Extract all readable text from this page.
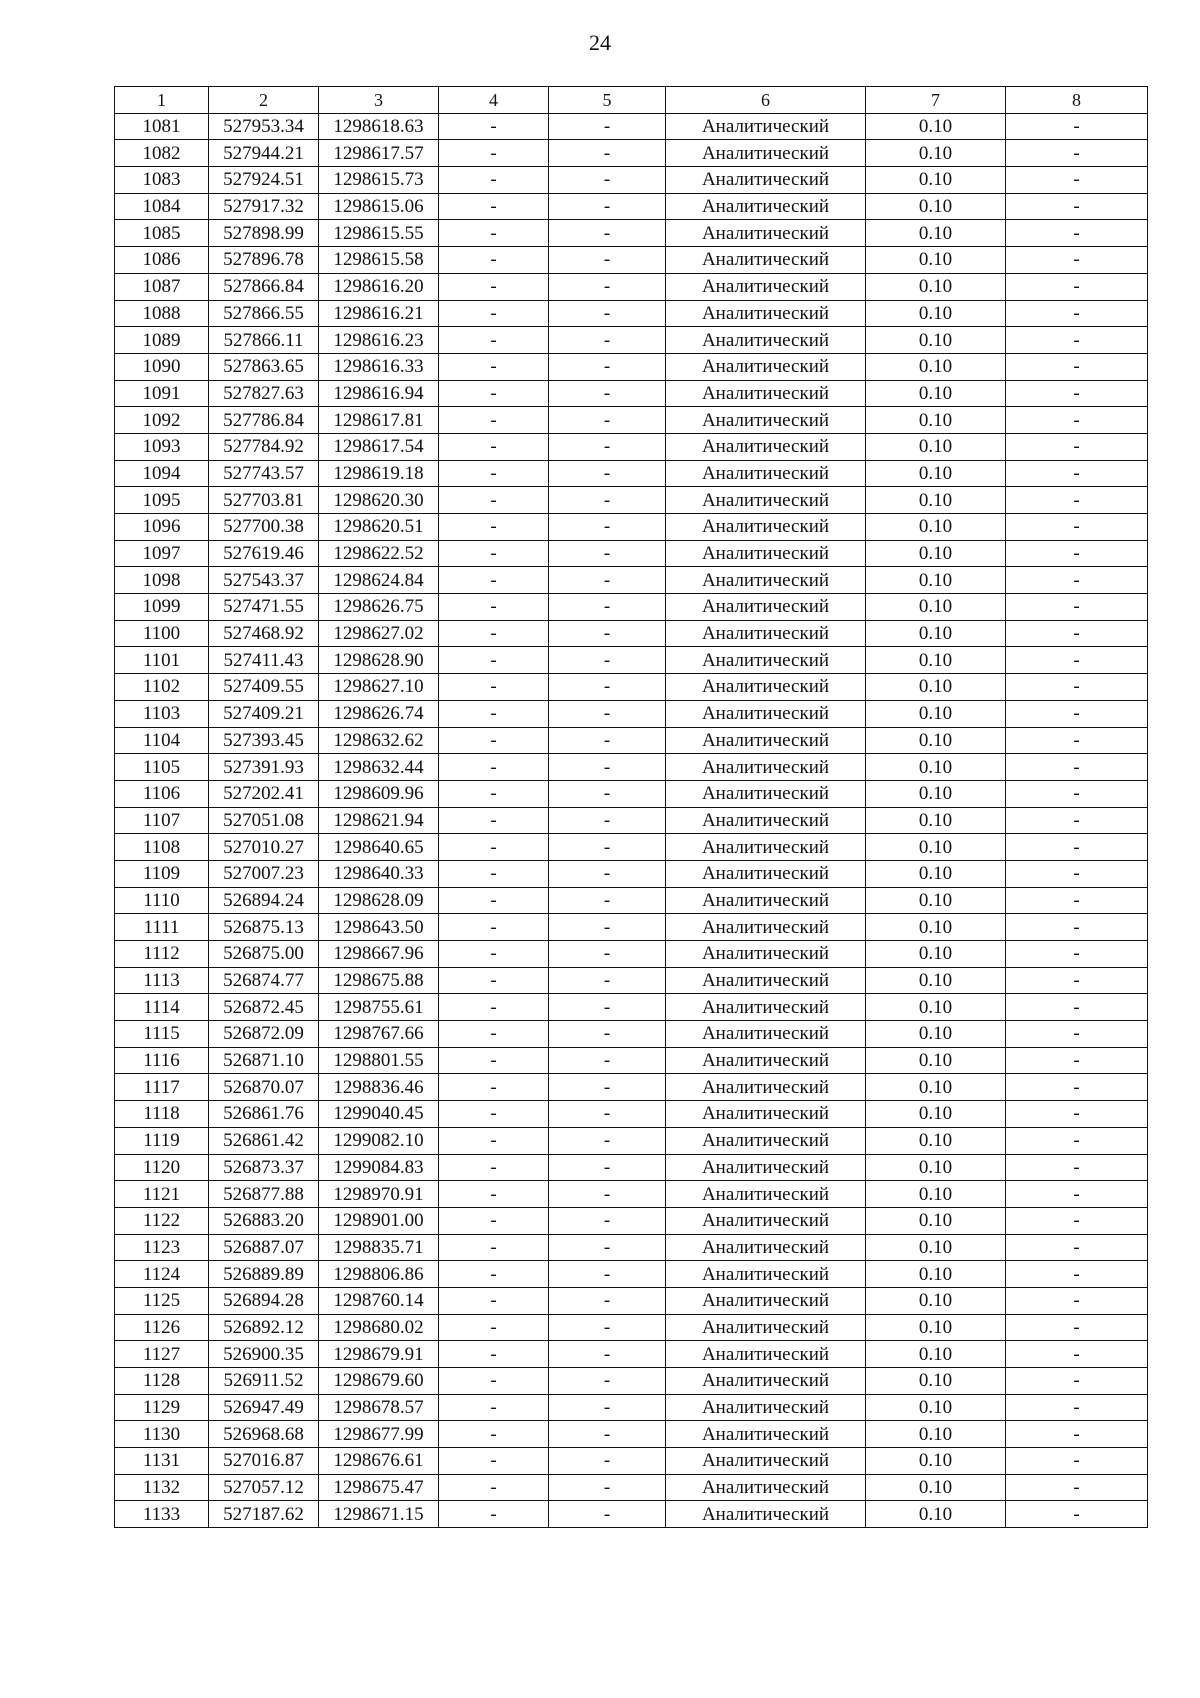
24
1	2	3	4	5	6	7	8
1081	527953.34	1298618.63	-	-	Аналитический	0.10	-
1082	527944.21	1298617.57	-	-	Аналитический	0.10	-
1083	527924.51	1298615.73	-	-	Аналитический	0.10	-
1084	527917.32	1298615.06	-	-	Аналитический	0.10	-
1085	527898.99	1298615.55	-	-	Аналитический	0.10	-
1086	527896.78	1298615.58	-	-	Аналитический	0.10	-
1087	527866.84	1298616.20	-	-	Аналитический	0.10	-
1088	527866.55	1298616.21	-	-	Аналитический	0.10	-
1089	527866.11	1298616.23	-	-	Аналитический	0.10	-
1090	527863.65	1298616.33	-	-	Аналитический	0.10	-
1091	527827.63	1298616.94	-	-	Аналитический	0.10	-
1092	527786.84	1298617.81	-	-	Аналитический	0.10	-
1093	527784.92	1298617.54	-	-	Аналитический	0.10	-
1094	527743.57	1298619.18	-	-	Аналитический	0.10	-
1095	527703.81	1298620.30	-	-	Аналитический	0.10	-
1096	527700.38	1298620.51	-	-	Аналитический	0.10	-
1097	527619.46	1298622.52	-	-	Аналитический	0.10	-
1098	527543.37	1298624.84	-	-	Аналитический	0.10	-
1099	527471.55	1298626.75	-	-	Аналитический	0.10	-
1100	527468.92	1298627.02	-	-	Аналитический	0.10	-
1101	527411.43	1298628.90	-	-	Аналитический	0.10	-
1102	527409.55	1298627.10	-	-	Аналитический	0.10	-
1103	527409.21	1298626.74	-	-	Аналитический	0.10	-
1104	527393.45	1298632.62	-	-	Аналитический	0.10	-
1105	527391.93	1298632.44	-	-	Аналитический	0.10	-
1106	527202.41	1298609.96	-	-	Аналитический	0.10	-
1107	527051.08	1298621.94	-	-	Аналитический	0.10	-
1108	527010.27	1298640.65	-	-	Аналитический	0.10	-
1109	527007.23	1298640.33	-	-	Аналитический	0.10	-
1110	526894.24	1298628.09	-	-	Аналитический	0.10	-
1111	526875.13	1298643.50	-	-	Аналитический	0.10	-
1112	526875.00	1298667.96	-	-	Аналитический	0.10	-
1113	526874.77	1298675.88	-	-	Аналитический	0.10	-
1114	526872.45	1298755.61	-	-	Аналитический	0.10	-
1115	526872.09	1298767.66	-	-	Аналитический	0.10	-
1116	526871.10	1298801.55	-	-	Аналитический	0.10	-
1117	526870.07	1298836.46	-	-	Аналитический	0.10	-
1118	526861.76	1299040.45	-	-	Аналитический	0.10	-
1119	526861.42	1299082.10	-	-	Аналитический	0.10	-
1120	526873.37	1299084.83	-	-	Аналитический	0.10	-
1121	526877.88	1298970.91	-	-	Аналитический	0.10	-
1122	526883.20	1298901.00	-	-	Аналитический	0.10	-
1123	526887.07	1298835.71	-	-	Аналитический	0.10	-
1124	526889.89	1298806.86	-	-	Аналитический	0.10	-
1125	526894.28	1298760.14	-	-	Аналитический	0.10	-
1126	526892.12	1298680.02	-	-	Аналитический	0.10	-
1127	526900.35	1298679.91	-	-	Аналитический	0.10	-
1128	526911.52	1298679.60	-	-	Аналитический	0.10	-
1129	526947.49	1298678.57	-	-	Аналитический	0.10	-
1130	526968.68	1298677.99	-	-	Аналитический	0.10	-
1131	527016.87	1298676.61	-	-	Аналитический	0.10	-
1132	527057.12	1298675.47	-	-	Аналитический	0.10	-
1133	527187.62	1298671.15	-	-	Аналитический	0.10	-
